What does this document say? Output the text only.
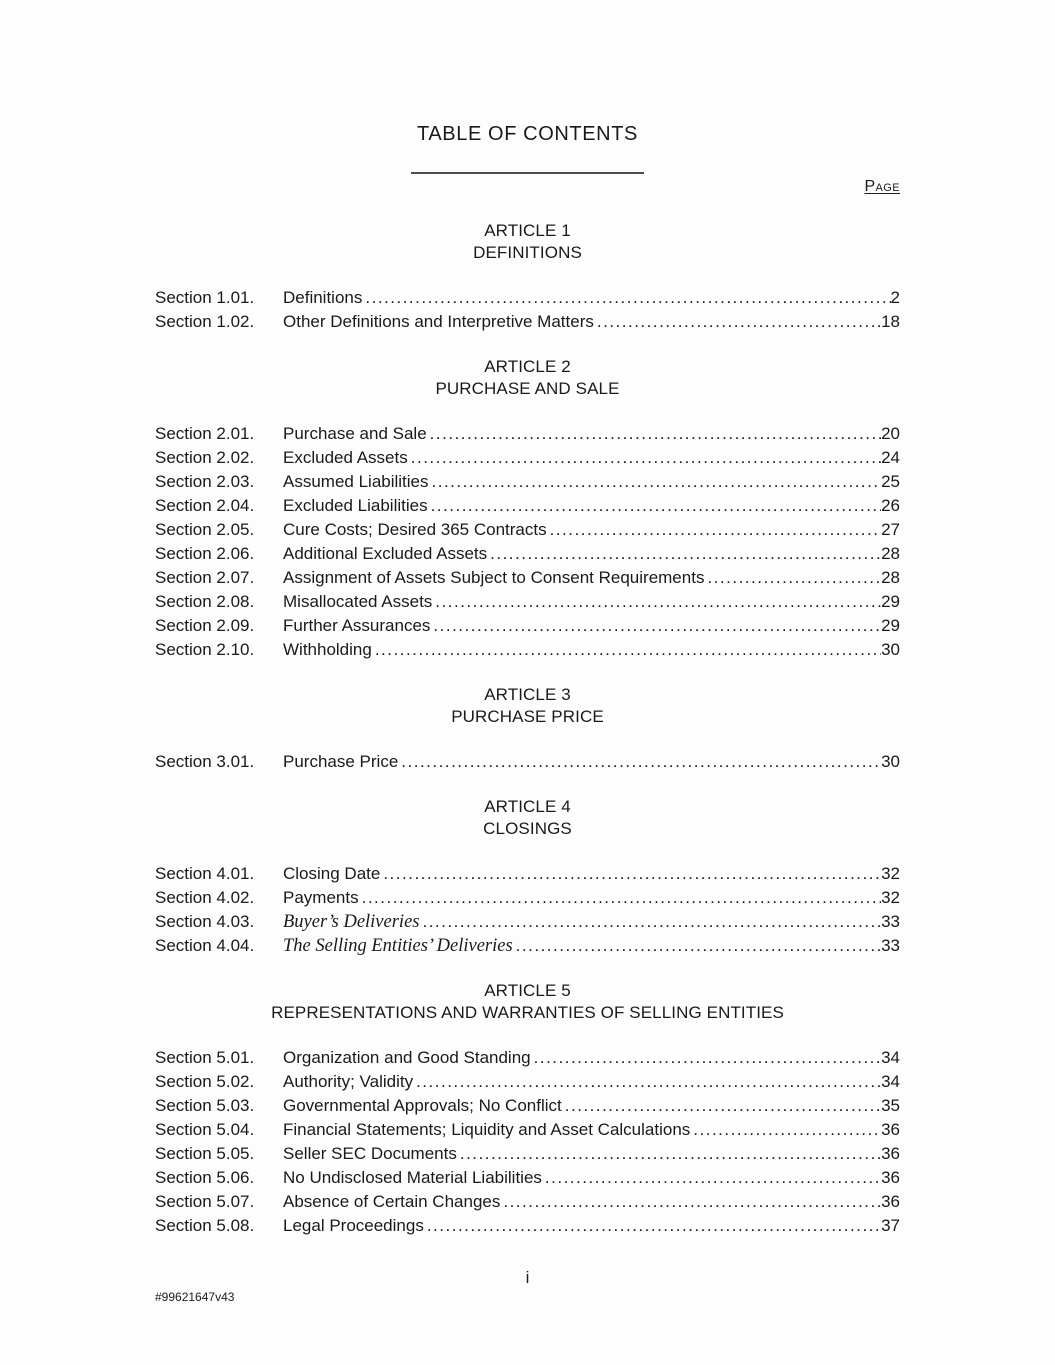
TABLE OF CONTENTS
Page
ARTICLE 1
DEFINITIONS
Section 1.01.	Definitions .....	2
Section 1.02.	Other Definitions and Interpretive Matters .....	18
ARTICLE 2
PURCHASE AND SALE
Section 2.01.	Purchase and Sale .....	20
Section 2.02.	Excluded Assets .....	24
Section 2.03.	Assumed Liabilities .....	25
Section 2.04.	Excluded Liabilities .....	26
Section 2.05.	Cure Costs; Desired 365 Contracts .....	27
Section 2.06.	Additional Excluded Assets .....	28
Section 2.07.	Assignment of Assets Subject to Consent Requirements .....	28
Section 2.08.	Misallocated Assets .....	29
Section 2.09.	Further Assurances .....	29
Section 2.10.	Withholding .....	30
ARTICLE 3
PURCHASE PRICE
Section 3.01.	Purchase Price .....	30
ARTICLE 4
CLOSINGS
Section 4.01.	Closing Date .....	32
Section 4.02.	Payments .....	32
Section 4.03.	Buyer’s Deliveries .....	33
Section 4.04.	The Selling Entities’ Deliveries .....	33
ARTICLE 5
REPRESENTATIONS AND WARRANTIES OF SELLING ENTITIES
Section 5.01.	Organization and Good Standing .....	34
Section 5.02.	Authority; Validity .....	34
Section 5.03.	Governmental Approvals; No Conflict .....	35
Section 5.04.	Financial Statements; Liquidity and Asset Calculations .....	36
Section 5.05.	Seller SEC Documents .....	36
Section 5.06.	No Undisclosed Material Liabilities .....	36
Section 5.07.	Absence of Certain Changes .....	36
Section 5.08.	Legal Proceedings .....	37
i
#99621647v43
